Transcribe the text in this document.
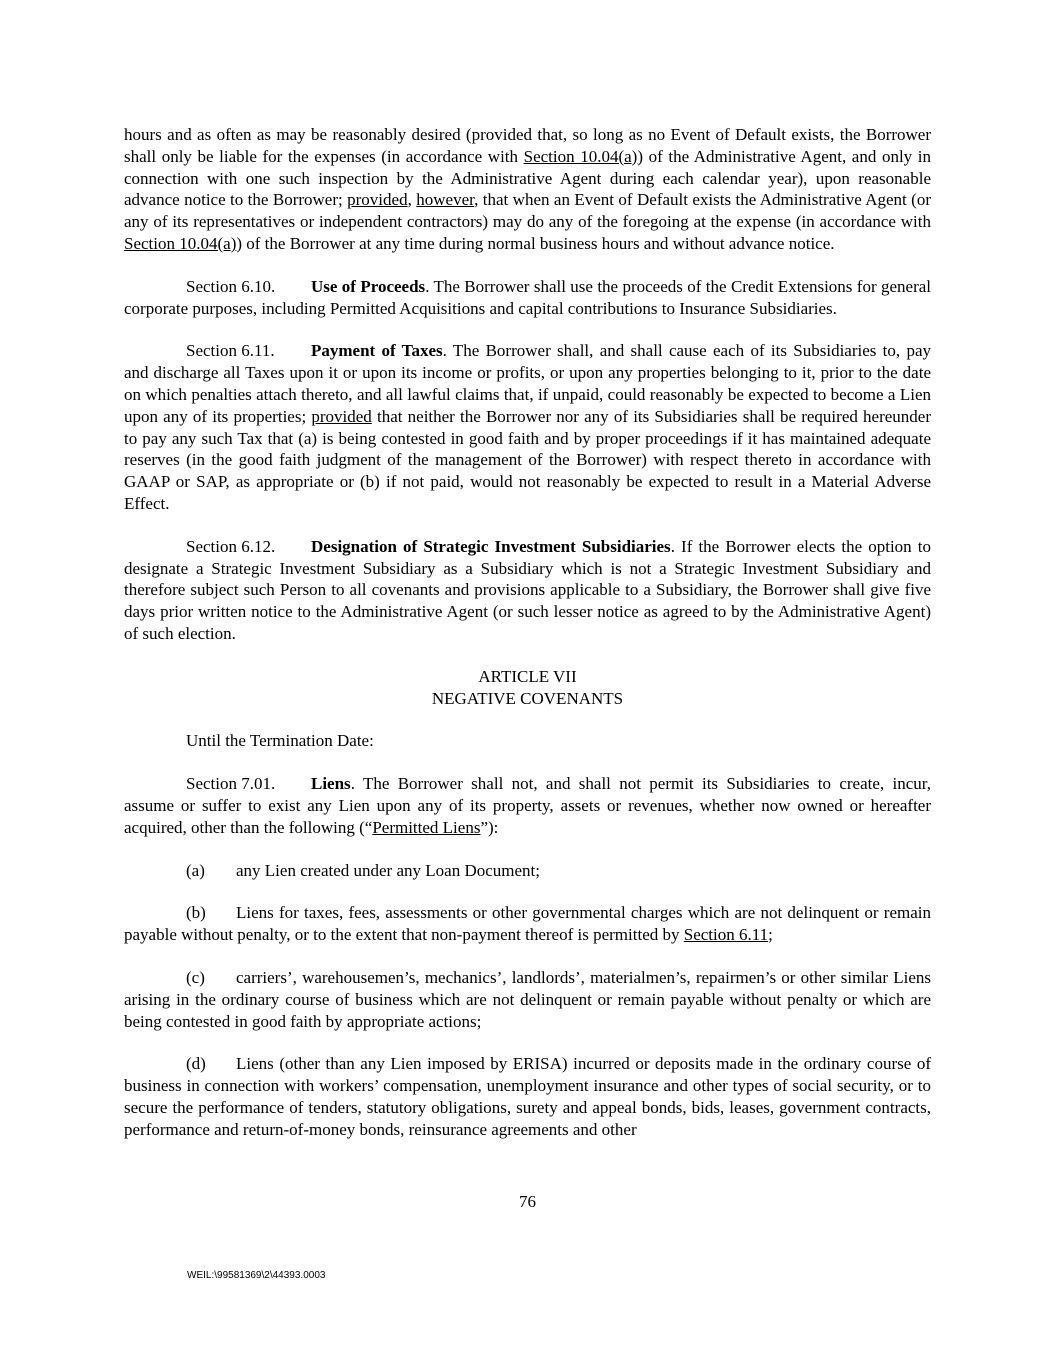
hours and as often as may be reasonably desired (provided that, so long as no Event of Default exists, the Borrower shall only be liable for the expenses (in accordance with Section 10.04(a)) of the Administrative Agent, and only in connection with one such inspection by the Administrative Agent during each calendar year), upon reasonable advance notice to the Borrower; provided, however, that when an Event of Default exists the Administrative Agent (or any of its representatives or independent contractors) may do any of the foregoing at the expense (in accordance with Section 10.04(a)) of the Borrower at any time during normal business hours and without advance notice.

Section 6.10. Use of Proceeds. The Borrower shall use the proceeds of the Credit Extensions for general corporate purposes, including Permitted Acquisitions and capital contributions to Insurance Subsidiaries.

Section 6.11. Payment of Taxes. The Borrower shall, and shall cause each of its Subsidiaries to, pay and discharge all Taxes upon it or upon its income or profits, or upon any properties belonging to it, prior to the date on which penalties attach thereto, and all lawful claims that, if unpaid, could reasonably be expected to become a Lien upon any of its properties; provided that neither the Borrower nor any of its Subsidiaries shall be required hereunder to pay any such Tax that (a) is being contested in good faith and by proper proceedings if it has maintained adequate reserves (in the good faith judgment of the management of the Borrower) with respect thereto in accordance with GAAP or SAP, as appropriate or (b) if not paid, would not reasonably be expected to result in a Material Adverse Effect.

Section 6.12. Designation of Strategic Investment Subsidiaries. If the Borrower elects the option to designate a Strategic Investment Subsidiary as a Subsidiary which is not a Strategic Investment Subsidiary and therefore subject such Person to all covenants and provisions applicable to a Subsidiary, the Borrower shall give five days prior written notice to the Administrative Agent (or such lesser notice as agreed to by the Administrative Agent) of such election.

ARTICLE VII
NEGATIVE COVENANTS

Until the Termination Date:

Section 7.01. Liens. The Borrower shall not, and shall not permit its Subsidiaries to create, incur, assume or suffer to exist any Lien upon any of its property, assets or revenues, whether now owned or hereafter acquired, other than the following (“Permitted Liens”):

(a) any Lien created under any Loan Document;

(b) Liens for taxes, fees, assessments or other governmental charges which are not delinquent or remain payable without penalty, or to the extent that non-payment thereof is permitted by Section 6.11;

(c) carriers’, warehousemen’s, mechanics’, landlords’, materialmen’s, repairmen’s or other similar Liens arising in the ordinary course of business which are not delinquent or remain payable without penalty or which are being contested in good faith by appropriate actions;

(d) Liens (other than any Lien imposed by ERISA) incurred or deposits made in the ordinary course of business in connection with workers’ compensation, unemployment insurance and other types of social security, or to secure the performance of tenders, statutory obligations, surety and appeal bonds, bids, leases, government contracts, performance and return-of-money bonds, reinsurance agreements and other

76
WEIL:\99581369\2\44393.0003
